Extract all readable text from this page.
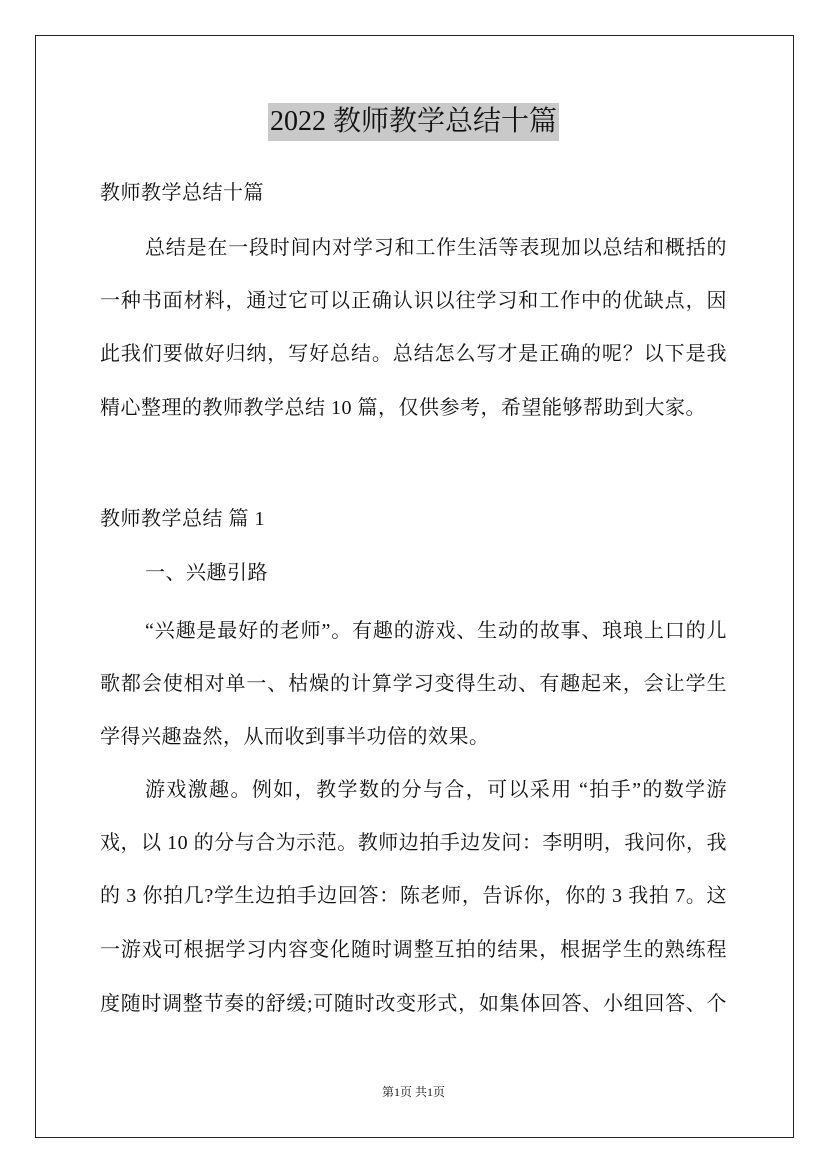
2022 教师教学总结十篇
教师教学总结十篇
总结是在一段时间内对学习和工作生活等表现加以总结和概括的
一种书面材料，通过它可以正确认识以往学习和工作中的优缺点，因
此我们要做好归纳，写好总结。总结怎么写才是正确的呢？以下是我
精心整理的教师教学总结 10 篇，仅供参考，希望能够帮助到大家。
教师教学总结 篇 1
一、兴趣引路
“兴趣是最好的老师”。有趣的游戏、生动的故事、琅琅上口的儿
歌都会使相对单一、枯燥的计算学习变得生动、有趣起来，会让学生
学得兴趣盎然，从而收到事半功倍的效果。
游戏激趣。例如，教学数的分与合，可以采用 “拍手”的数学游
戏，以 10 的分与合为示范。教师边拍手边发问：李明明，我问你，我
的 3 你拍几?学生边拍手边回答：陈老师，告诉你，你的 3 我拍 7。这
一游戏可根据学习内容变化随时调整互拍的结果，根据学生的熟练程
度随时调整节奏的舒缓;可随时改变形式，如集体回答、小组回答、个
第1页 共1页
